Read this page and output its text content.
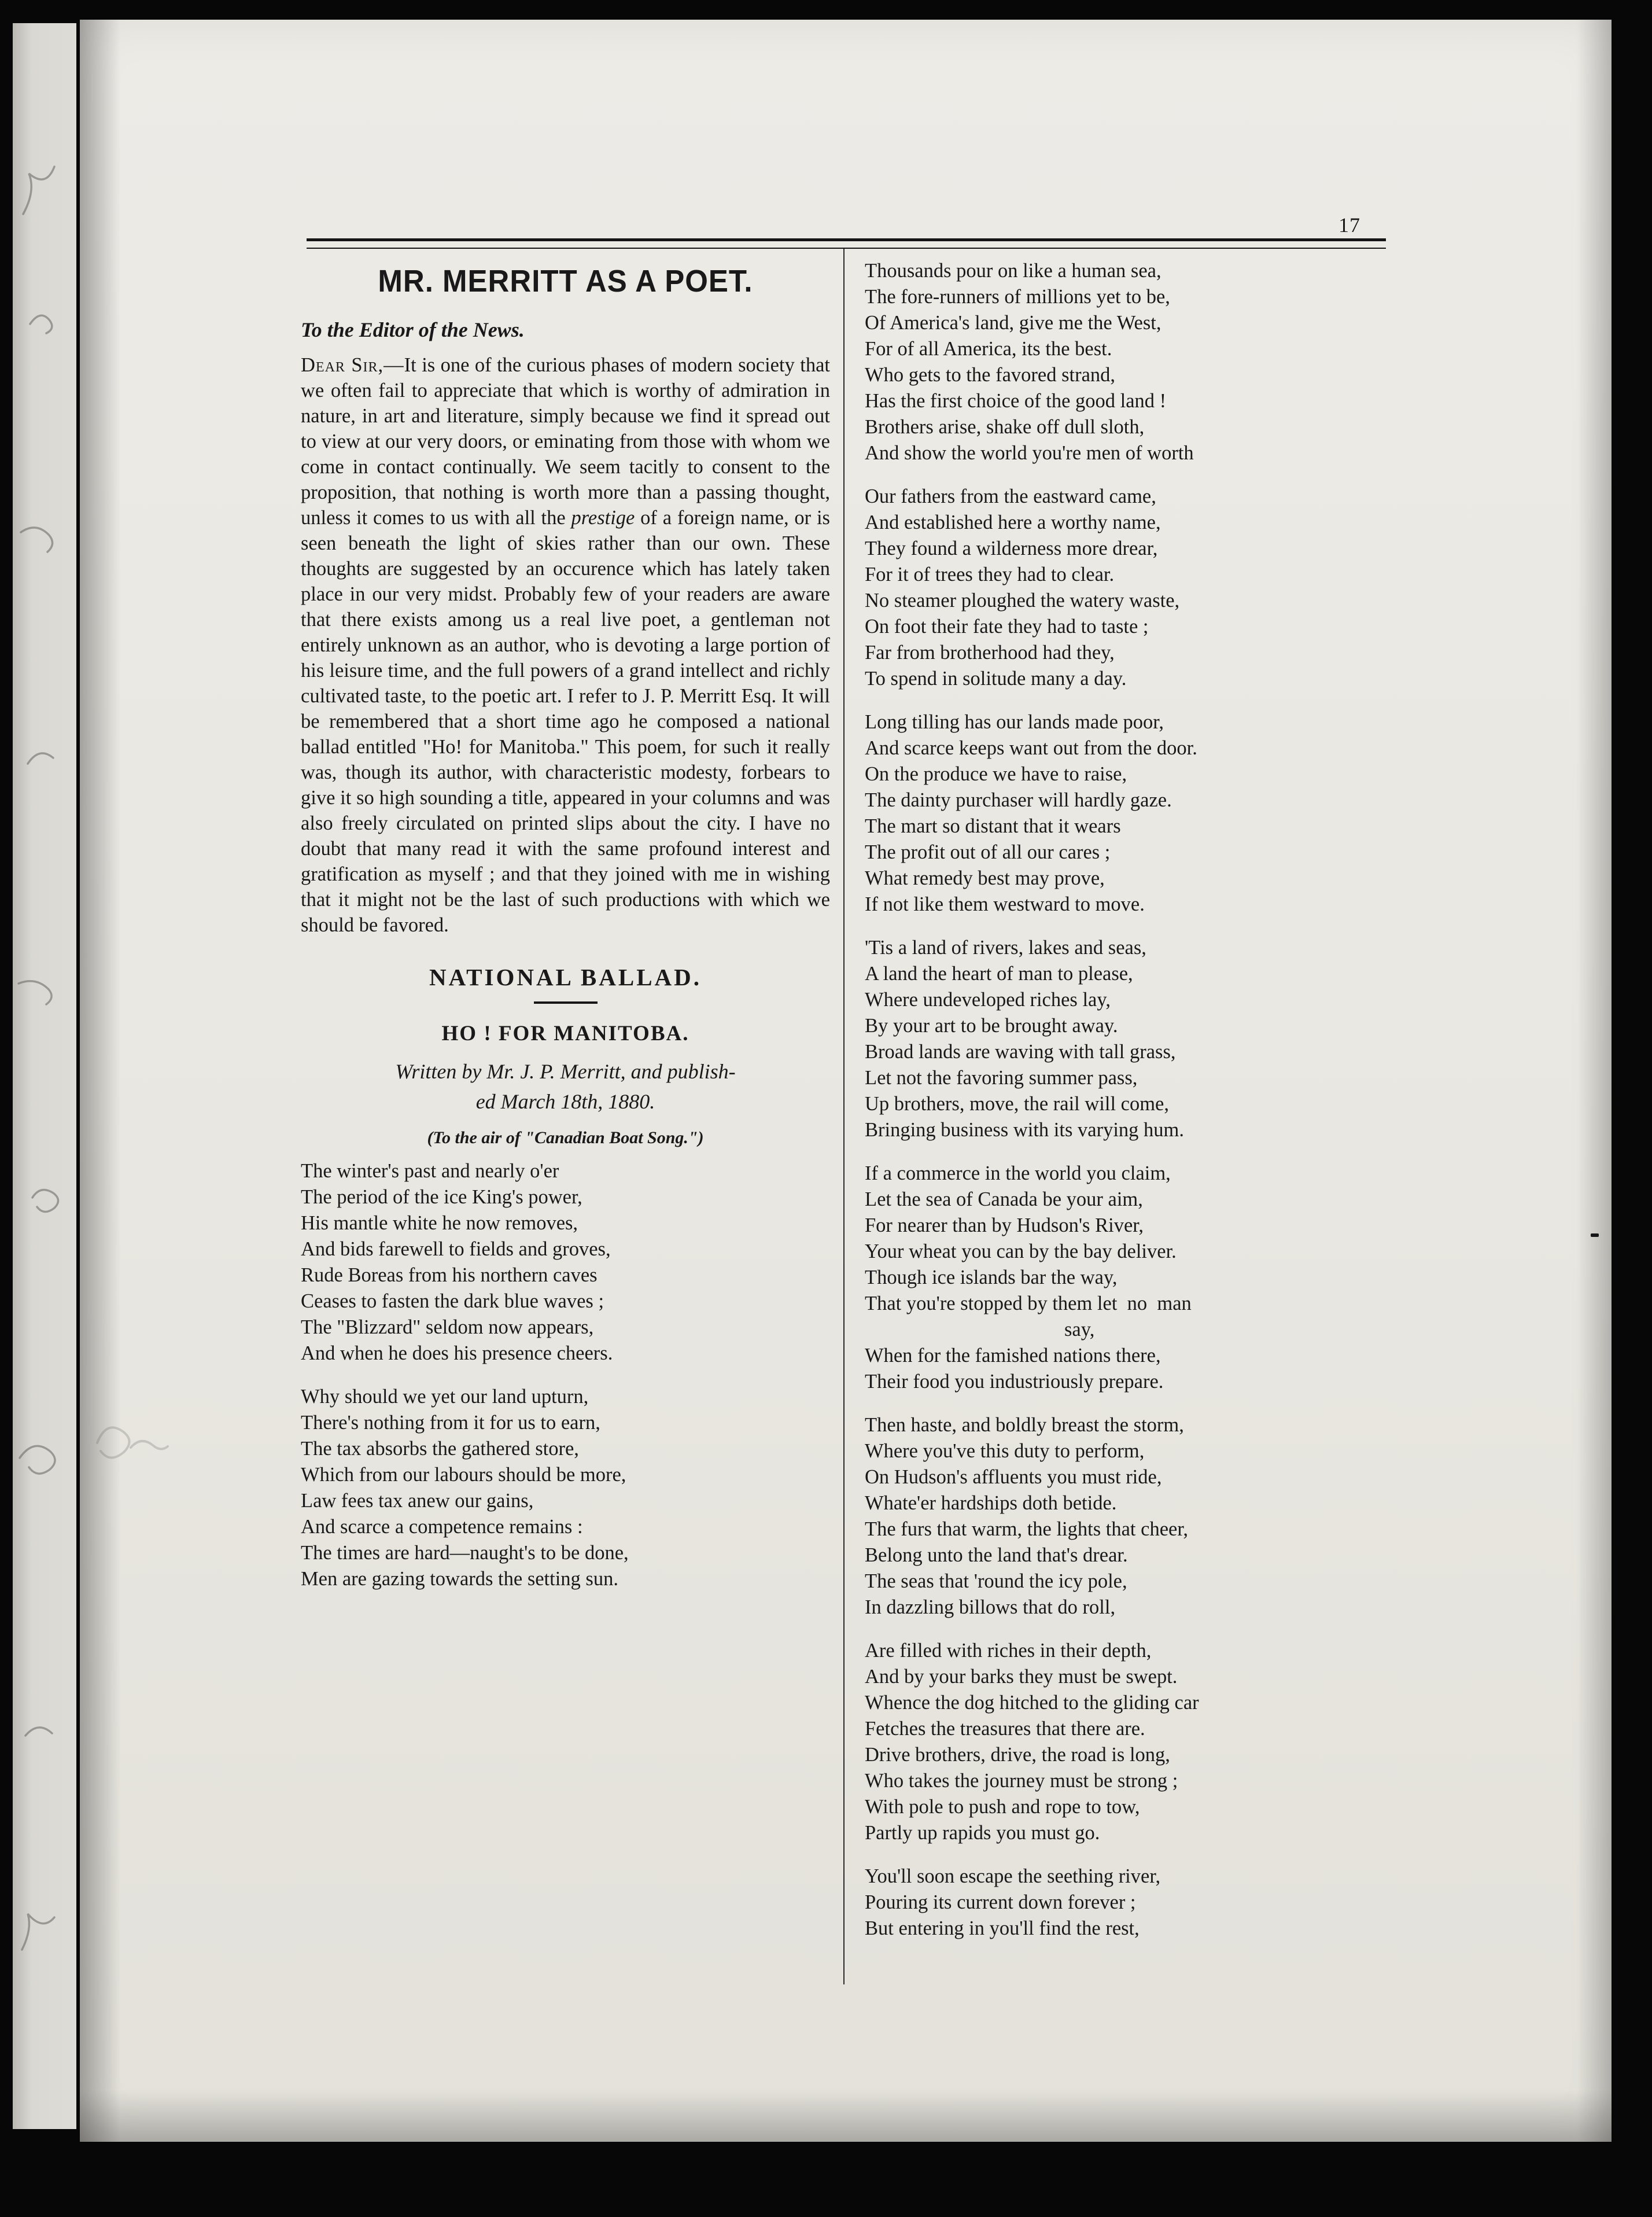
17
MR. MERRITT AS A POET.
To the Editor of the News.

Dear Sir,—It is one of the curious phases of modern society that we often fail to appreciate that which is worthy of admiration in nature, in art and literature, simply because we find it spread out to view at our very doors, or eminating from those with whom we come in contact continually. We seem tacitly to consent to the proposition, that nothing is worth more than a passing thought, unless it comes to us with all the prestige of a foreign name, or is seen beneath the light of skies rather than our own. These thoughts are suggested by an occurence which has lately taken place in our very midst. Probably few of your readers are aware that there exists among us a real live poet, a gentleman not entirely unknown as an author, who is devoting a large portion of his leisure time, and the full powers of a grand intellect and richly cultivated taste, to the poetic art. I refer to J. P. Merritt Esq. It will be remembered that a short time ago he composed a national ballad entitled "Ho! for Manitoba." This poem, for such it really was, though its author, with characteristic modesty, forbears to give it so high sounding a title, appeared in your columns and was also freely circulated on printed slips about the city. I have no doubt that many read it with the same profound interest and gratification as myself ; and that they joined with me in wishing that it might not be the last of such productions with which we should be favored.

NATIONAL BALLAD.
HO ! FOR MANITOBA.
Written by Mr. J. P. Merritt, and publish-
ed March 18th, 1880.
(To the air of "Canadian Boat Song.")
The winter's past and nearly o'er
The period of the ice King's power,
His mantle white he now removes,
And bids farewell to fields and groves,
Rude Boreas from his northern caves
Ceases to fasten the dark blue waves ;
The "Blizzard" seldom now appears,
And when he does his presence cheers.
Why should we yet our land upturn,
There's nothing from it for us to earn,
The tax absorbs the gathered store,
Which from our labours should be more,
Law fees tax anew our gains,
And scarce a competence remains :
The times are hard—naught's to be done,
Men are gazing towards the setting sun.
Thousands pour on like a human sea,
The fore-runners of millions yet to be,
Of America's land, give me the West,
For of all America, its the best.
Who gets to the favored strand,
Has the first choice of the good land !
Brothers arise, shake off dull sloth,
And show the world you're men of worth
Our fathers from the eastward came,
And established here a worthy name,
They found a wilderness more drear,
For it of trees they had to clear.
No steamer ploughed the watery waste,
On foot their fate they had to taste ;
Far from brotherhood had they,
To spend in solitude many a day.
Long tilling has our lands made poor,
And scarce keeps want out from the door.
On the produce we have to raise,
The dainty purchaser will hardly gaze.
The mart so distant that it wears
The profit out of all our cares ;
What remedy best may prove,
If not like them westward to move.
'Tis a land of rivers, lakes and seas,
A land the heart of man to please,
Where undeveloped riches lay,
By your art to be brought away.
Broad lands are waving with tall grass,
Let not the favoring summer pass,
Up brothers, move, the rail will come,
Bringing business with its varying hum.
If a commerce in the world you claim,
Let the sea of Canada be your aim,
For nearer than by Hudson's River,
Your wheat you can by the bay deliver.
Though ice islands bar the way,
That you're stopped by them let  no  man
          say,
When for the famished nations there,
Their food you industriously prepare.
Then haste, and boldly breast the storm,
Where you've this duty to perform,
On Hudson's affluents you must ride,
Whate'er hardships doth betide.
The furs that warm, the lights that cheer,
Belong unto the land that's drear.
The seas that 'round the icy pole,
In dazzling billows that do roll,
Are filled with riches in their depth,
And by your barks they must be swept.
Whence the dog hitched to the gliding car
Fetches the treasures that there are.
Drive brothers, drive, the road is long,
Who takes the journey must be strong ;
With pole to push and rope to tow,
Partly up rapids you must go.
You'll soon escape the seething river,
Pouring its current down forever ;
But entering in you'll find the rest,
